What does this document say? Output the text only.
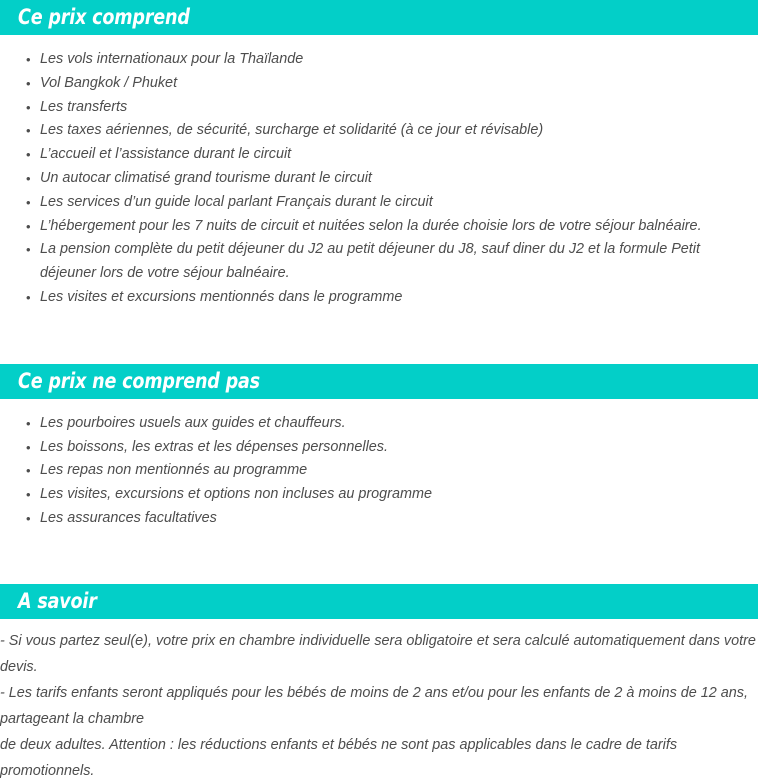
Ce prix comprend
• Les vols internationaux pour la Thaïlande
• Vol Bangkok / Phuket
• Les transferts
• Les taxes aériennes, de sécurité, surcharge et solidarité (à ce jour et révisable)
• L’accueil et l’assistance durant le circuit
• Un autocar climatisé grand tourisme durant le circuit
• Les services d’un guide local parlant Français durant le circuit
• L’hébergement pour les 7 nuits de circuit et nuitées selon la durée choisie lors de votre séjour balnéaire.
• La pension complète du petit déjeuner du J2 au petit déjeuner du J8, sauf diner du J2 et la formule Petit déjeuner lors de votre séjour balnéaire.
• Les visites et excursions mentionnés dans le programme
Ce prix ne comprend pas
• Les pourboires usuels aux guides et chauffeurs.
• Les boissons, les extras et les dépenses personnelles.
• Les repas non mentionnés au programme
• Les visites, excursions et options non incluses au programme
• Les assurances facultatives
A savoir

- Si vous partez seul(e), votre prix en chambre individuelle sera obligatoire et sera calculé automatiquement dans votre devis.

- Les tarifs enfants seront appliqués pour les bébés de moins de 2 ans et/ou pour les enfants de 2 à moins de 12 ans, partageant la chambre

de deux adultes. Attention : les réductions enfants et bébés ne sont pas applicables dans le cadre de tarifs promotionnels.
